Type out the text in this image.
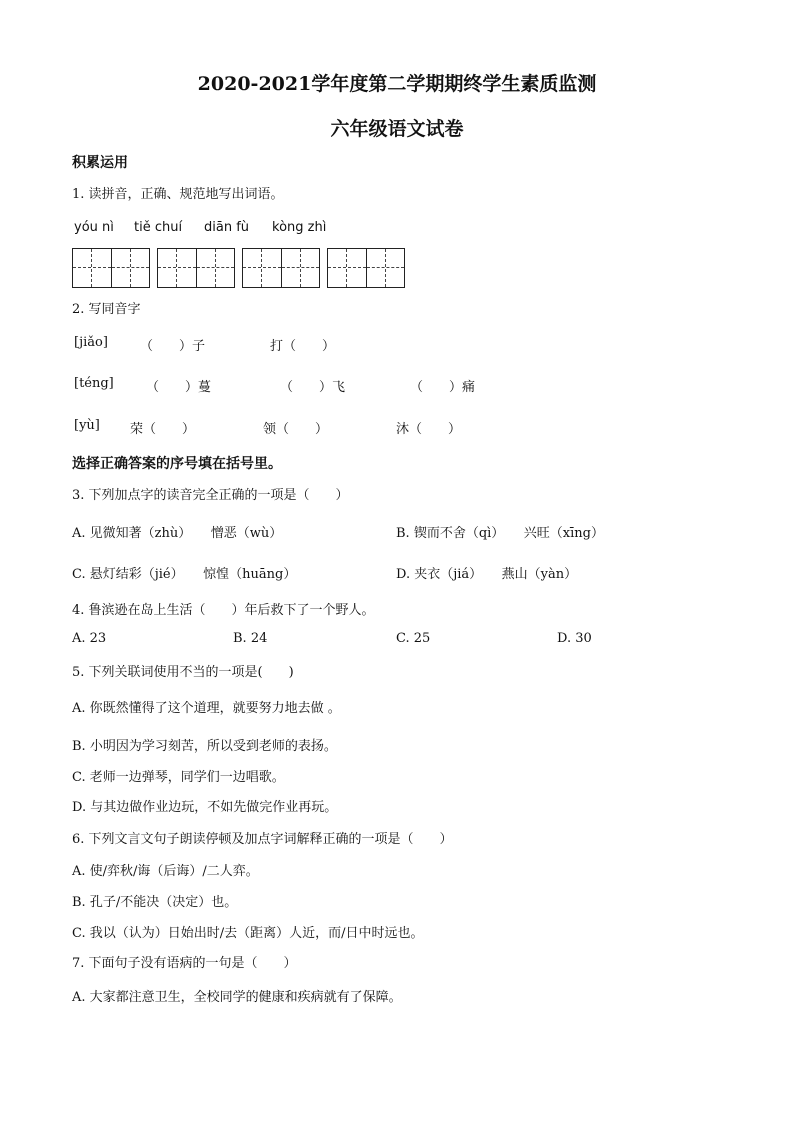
2020-2021学年度第二学期期终学生素质监测
六年级语文试卷
积累运用
1. 读拼音，正确、规范地写出词语。
yóu nì tiě chuí diān fù kòng zhì
2. 写同音字
[jiǎo] （　　）子	打（　　）
[téng] （　　）蔓	（　　）飞	（　　）痛
[yù] 荣（　　）	领（　　）	沐（　　）
选择正确答案的序号填在括号里。
3. 下列加点字的读音完全正确的一项是（　　）
A. 见微知著（zhù）　　憎恶（wù）	B. 锲而不舍（qì）　　兴旺（xīng）
C. 悬灯结彩（jié）　　惊惶（huāng）	D. 夹衣（jiá）　　燕山（yàn）
4. 鲁滨逊在岛上生活（　　）年后救下了一个野人。
A. 23	B. 24	C. 25	D. 30
5. 下列关联词使用不当的一项是(　　)
A. 你既然懂得了这个道理，就要努力地去做 。
B. 小明因为学习刻苦，所以受到老师的表扬。
C. 老师一边弹琴，同学们一边唱歌。
D. 与其边做作业边玩，不如先做完作业再玩。
6. 下列文言文句子朗读停顿及加点字词解释正确的一项是（　　）
A. 使/弈秋/诲（后诲）/二人弈。
B. 孔子/不能决（决定）也。
C. 我以（认为）日始出时/去（距离）人近，而/日中时远也。
7. 下面句子没有语病的一句是（　　）
A. 大家都注意卫生，全校同学的健康和疾病就有了保障。
